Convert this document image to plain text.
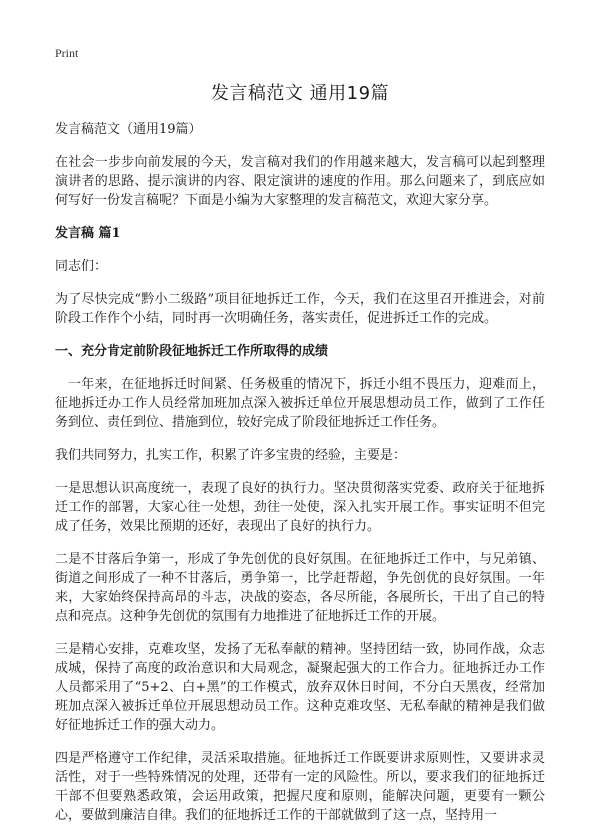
Print
发言稿范文 通用19篇

发言稿范文（通用19篇）

在社会一步步向前发展的今天，发言稿对我们的作用越来越大，发言稿可以起到整理演讲者的思路、提示演讲的内容、限定演讲的速度的作用。那么问题来了，到底应如何写好一份发言稿呢？下面是小编为大家整理的发言稿范文，欢迎大家分享。

发言稿 篇1

同志们：

为了尽快完成“黔小二级路”项目征地拆迁工作，今天，我们在这里召开推进会，对前阶段工作作个小结，同时再一次明确任务，落实责任，促进拆迁工作的完成。

一、充分肯定前阶段征地拆迁工作所取得的成绩

一年来，在征地拆迁时间紧、任务极重的情况下，拆迁小组不畏压力，迎难而上，征地拆迁办工作人员经常加班加点深入被拆迁单位开展思想动员工作，做到了工作任务到位、责任到位、措施到位，较好完成了阶段征地拆迁工作任务。

我们共同努力，扎实工作，积累了许多宝贵的经验，主要是：

一是思想认识高度统一，表现了良好的执行力。坚决贯彻落实党委、政府关于征地拆迁工作的部署，大家心往一处想，劲往一处使，深入扎实开展工作。事实证明不但完成了任务，效果比预期的还好，表现出了良好的执行力。

二是不甘落后争第一，形成了争先创优的良好氛围。在征地拆迁工作中，与兄弟镇、街道之间形成了一种不甘落后，勇争第一，比学赶帮超，争先创优的良好氛围。一年来，大家始终保持高昂的斗志，决战的姿态，各尽所能，各展所长，干出了自己的特点和亮点。这种争先创优的氛围有力地推进了征地拆迁工作的开展。

三是精心安排，克难攻坚，发扬了无私奉献的精神。坚持团结一致，协同作战，众志成城，保持了高度的政治意识和大局观念，凝聚起强大的工作合力。征地拆迁办工作人员都采用了“5+2、白+黑”的工作模式，放弃双休日时间，不分白天黑夜，经常加班加点深入被拆迁单位开展思想动员工作。这种克难攻坚、无私奉献的精神是我们做好征地拆迁工作的强大动力。

四是严格遵守工作纪律，灵活采取措施。征地拆迁工作既要讲求原则性，又要讲求灵活性，对于一些特殊情况的处理，还带有一定的风险性。所以，要求我们的征地拆迁干部不但要熟悉政策，会运用政策，把握尺度和原则，能解决问题，更要有一颗公心，要做到廉洁自律。我们的征地拆迁工作的干部就做到了这一点，坚持用一
